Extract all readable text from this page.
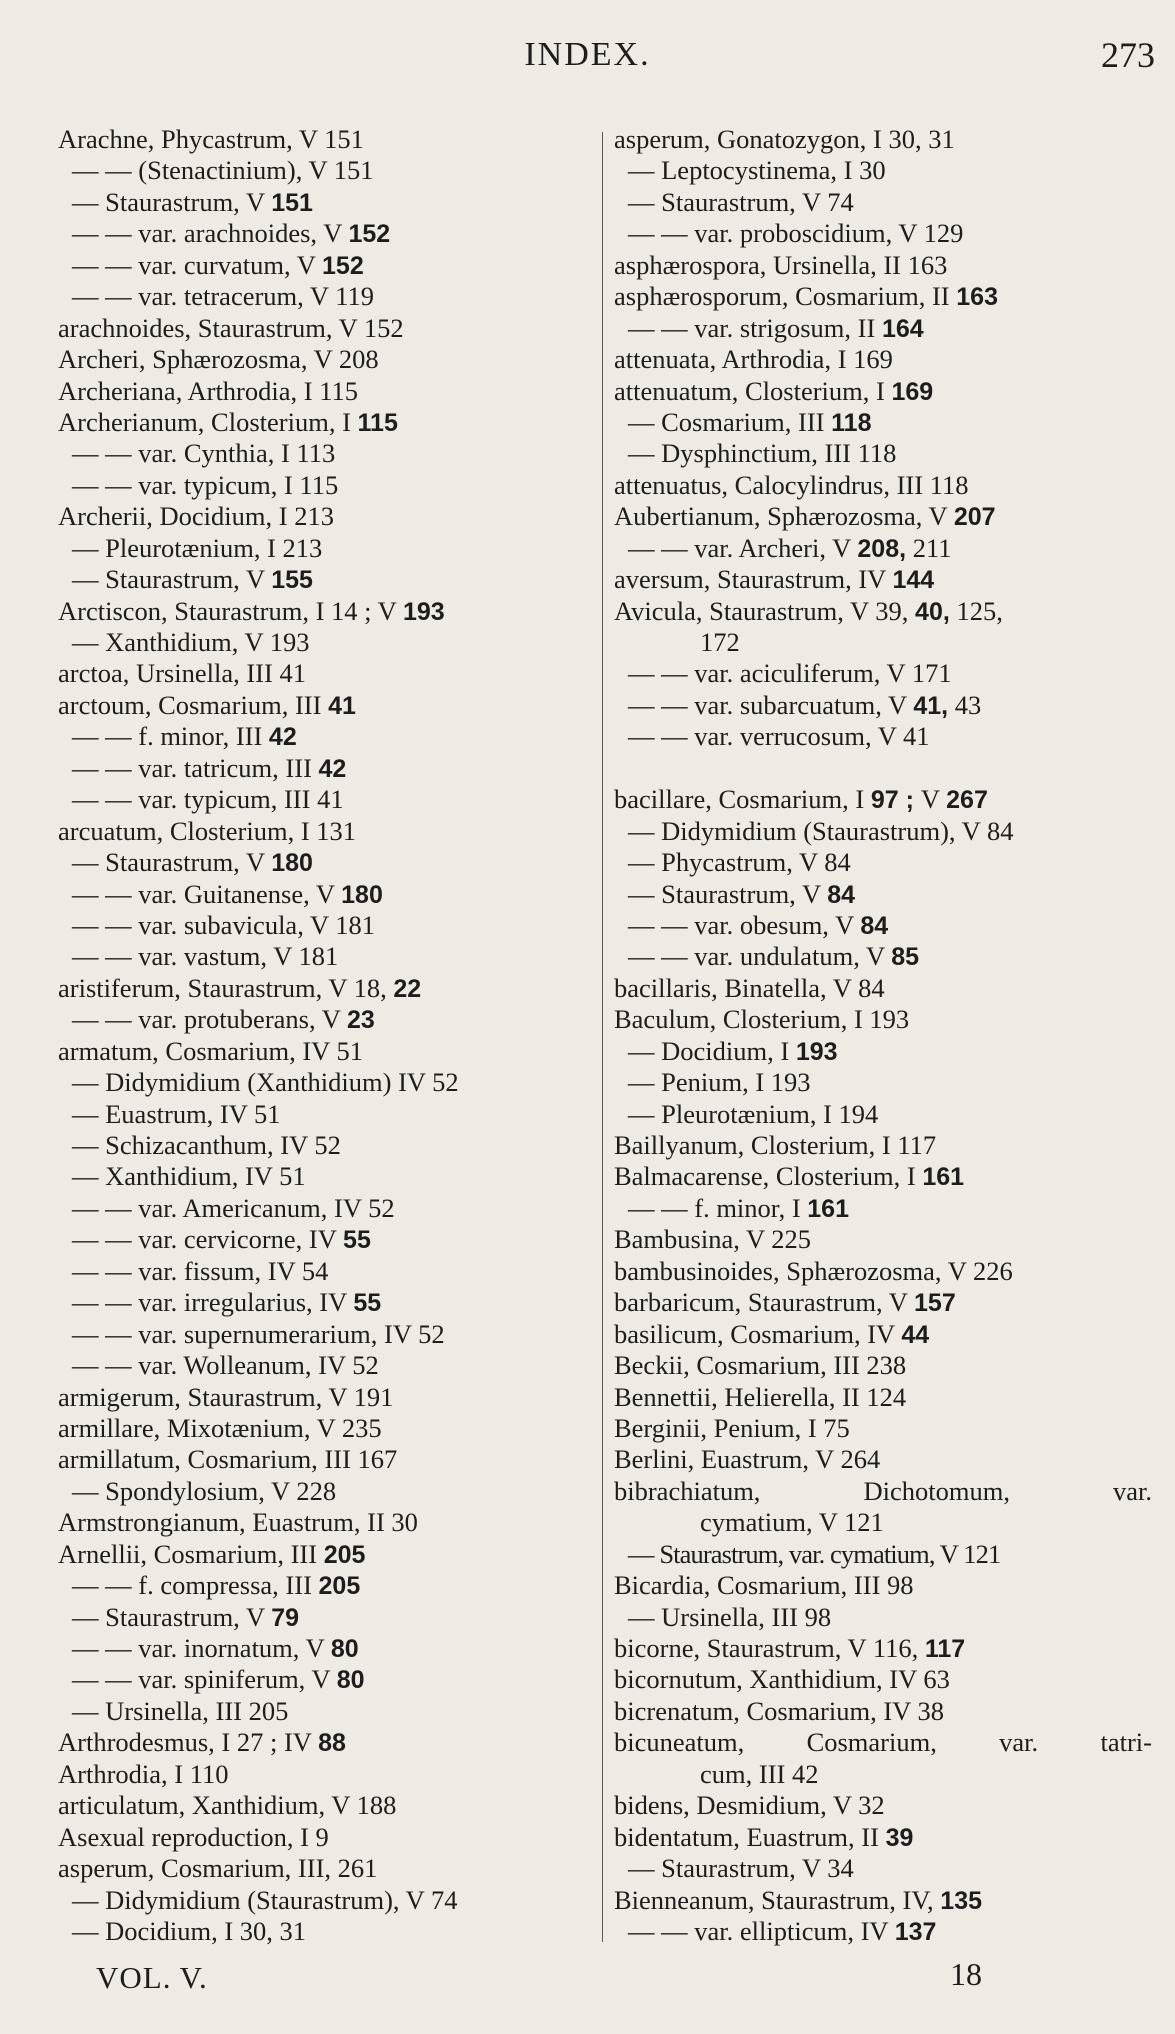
INDEX.	273
Arachne, Phycastrum, V 151
— — (Stenactinium), V 151
— Staurastrum, V 151
— — var. arachnoides, V 152
— — var. curvatum, V 152
— — var. tetracerum, V 119
arachnoides, Staurastrum, V 152
Archeri, Sphærozosma, V 208
Archeriana, Arthrodia, I 115
Archerianum, Closterium, I 115
— — var. Cynthia, I 113
— — var. typicum, I 115
Archerii, Docidium, I 213
— Pleurotænium, I 213
— Staurastrum, V 155
Arctiscon, Staurastrum, I 14 ; V 193
— Xanthidium, V 193
arctoa, Ursinella, III 41
arctoum, Cosmarium, III 41
— — f. minor, III 42
— — var. tatricum, III 42
— — var. typicum, III 41
arcuatum, Closterium, I 131
— Staurastrum, V 180
— — var. Guitanense, V 180
— — var. subavicula, V 181
— — var. vastum, V 181
aristiferum, Staurastrum, V 18, 22
— — var. protuberans, V 23
armatum, Cosmarium, IV 51
— Didymidium (Xanthidium) IV 52
— Euastrum, IV 51
— Schizacanthum, IV 52
— Xanthidium, IV 51
— — var. Americanum, IV 52
— — var. cervicorne, IV 55
— — var. fissum, IV 54
— — var. irregularius, IV 55
— — var. supernumerarium, IV 52
— — var. Wolleanum, IV 52
armigerum, Staurastrum, V 191
armillare, Mixotænium, V 235
armillatum, Cosmarium, III 167
— Spondylosium, V 228
Armstrongianum, Euastrum, II 30
Arnellii, Cosmarium, III 205
— — f. compressa, III 205
— Staurastrum, V 79
— — var. inornatum, V 80
— — var. spiniferum, V 80
— Ursinella, III 205
Arthrodesmus, I 27 ; IV 88
Arthrodia, I 110
articulatum, Xanthidium, V 188
Asexual reproduction, I 9
asperum, Cosmarium, III, 261
— Didymidium (Staurastrum), V 74
— Docidium, I 30, 31
asperum, Gonatozygon, I 30, 31
— Leptocystinema, I 30
— Staurastrum, V 74
— — var. proboscidium, V 129
asphærospora, Ursinella, II 163
asphærosporum, Cosmarium, II 163
— — var. strigosum, II 164
attenuata, Arthrodia, I 169
attenuatum, Closterium, I 169
— Cosmarium, III 118
— Dysphinctium, III 118
attenuatus, Calocylindrus, III 118
Aubertianum, Sphærozosma, V 207
— — var. Archeri, V 208, 211
aversum, Staurastrum, IV 144
Avicula, Staurastrum, V 39, 40, 125,
172
— — var. aciculiferum, V 171
— — var. subarcuatum, V 41, 43
— — var. verrucosum, V 41
bacillare, Cosmarium, I 97 ; V 267
— Didymidium (Staurastrum), V 84
— Phycastrum, V 84
— Staurastrum, V 84
— — var. obesum, V 84
— — var. undulatum, V 85
bacillaris, Binatella, V 84
Baculum, Closterium, I 193
— Docidium, I 193
— Penium, I 193
— Pleurotænium, I 194
Baillyanum, Closterium, I 117
Balmacarense, Closterium, I 161
— — f. minor, I 161
Bambusina, V 225
bambusinoides, Sphærozosma, V 226
barbaricum, Staurastrum, V 157
basilicum, Cosmarium, IV 44
Beckii, Cosmarium, III 238
Bennettii, Helierella, II 124
Berginii, Penium, I 75
Berlini, Euastrum, V 264
bibrachiatum,	Dichotomum,	var.
cymatium, V 121
— Staurastrum, var. cymatium, V 121
Bicardia, Cosmarium, III 98
— Ursinella, III 98
bicorne, Staurastrum, V 116, 117
bicornutum, Xanthidium, IV 63
bicrenatum, Cosmarium, IV 38
bicuneatum, Cosmarium, var. tatri-
cum, III 42
bidens, Desmidium, V 32
bidentatum, Euastrum, II 39
— Staurastrum, V 34
Bienneanum, Staurastrum, IV, 135
— — var. ellipticum, IV 137
VOL. V.	18
